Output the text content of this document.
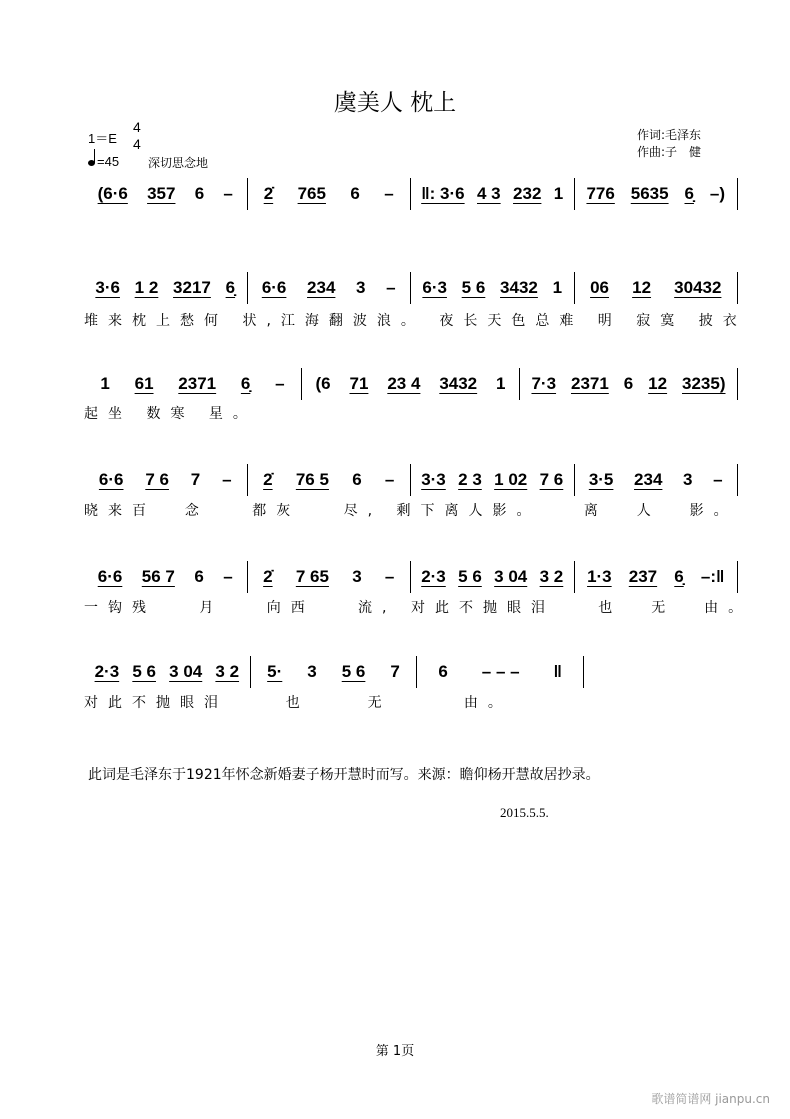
虞美人 枕上
1＝E
4
4
=45 深切思念地
作词:毛泽东
作曲:子　健
(6·6 357 6 – 2̇ 765 6 – ‖: 3·6 4 3 232 1 776 5635 6̣ –)
3·6 1 2 3217 6̣ 6·6 234 3 – 6·3 5 6 3432 1 06 12 30432
堆来枕上愁何 状,江海翻波浪。 夜长天色总难 明 寂寞 披衣
1 61 2371 6̣ – (6 71 23 4 3432 1 7·3 2371 6 12 3235)
起坐 数寒 星。
6·6 7 6 7 – 2̇ 76 5 6 – 3·3 2 3 1 02 7 6 3·5 234 3 –
晓来百  念   都灰   尽, 剩下离人影。   离  人  影。
6·6 56 7 6 – 2̇ 7 65 3 – 2·3 5 6 3 04 3 2 1·3 237 6̣ –:‖
一钩残   月   向西   流, 对此不抛眼泪   也  无  由。
2·3 5 6 3 04 3 2 5· 3 5 6 7 6 – – – ‖
对此不抛眼泪    也    无     由。
此词是毛泽东于1921年怀念新婚妻子杨开慧时而写。来源：瞻仰杨开慧故居抄录。
2015.5.5.
第 1页
歌谱简谱网 jianpu.cn
